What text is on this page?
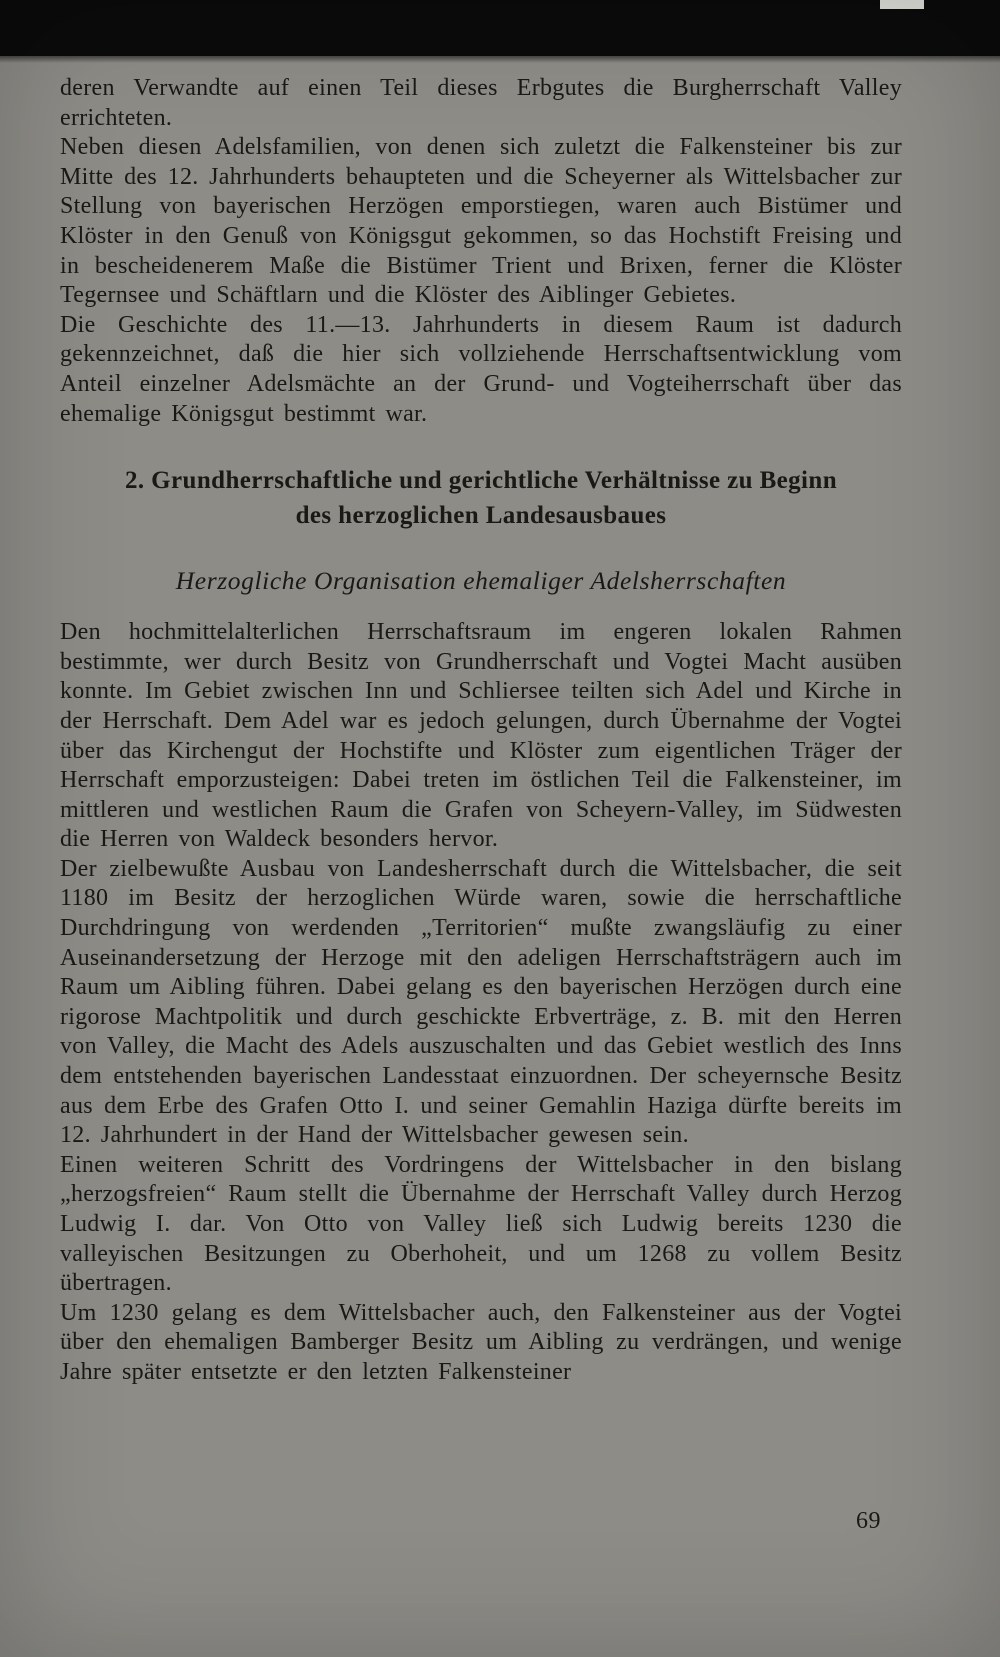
deren Verwandte auf einen Teil dieses Erbgutes die Burgherrschaft Valley errichteten.

Neben diesen Adelsfamilien, von denen sich zuletzt die Falkensteiner bis zur Mitte des 12. Jahrhunderts behaupteten und die Scheyerner als Wittelsbacher zur Stellung von bayerischen Herzögen emporstiegen, waren auch Bistümer und Klöster in den Genuß von Königsgut gekommen, so das Hochstift Freising und in bescheidenerem Maße die Bistümer Trient und Brixen, ferner die Klöster Tegernsee und Schäftlarn und die Klöster des Aiblinger Gebietes.

Die Geschichte des 11.—13. Jahrhunderts in diesem Raum ist dadurch gekennzeichnet, daß die hier sich vollziehende Herrschaftsentwicklung vom Anteil einzelner Adelsmächte an der Grund- und Vogteiherrschaft über das ehemalige Königsgut bestimmt war.

2. Grundherrschaftliche und gerichtliche Verhältnisse zu Beginn
des herzoglichen Landesausbaues
Herzogliche Organisation ehemaliger Adelsherrschaften

Den hochmittelalterlichen Herrschaftsraum im engeren lokalen Rahmen bestimmte, wer durch Besitz von Grundherrschaft und Vogtei Macht ausüben konnte. Im Gebiet zwischen Inn und Schliersee teilten sich Adel und Kirche in der Herrschaft. Dem Adel war es jedoch gelungen, durch Übernahme der Vogtei über das Kirchengut der Hochstifte und Klöster zum eigentlichen Träger der Herrschaft emporzusteigen: Dabei treten im östlichen Teil die Falkensteiner, im mittleren und westlichen Raum die Grafen von Scheyern-Valley, im Südwesten die Herren von Waldeck besonders hervor.

Der zielbewußte Ausbau von Landesherrschaft durch die Wittelsbacher, die seit 1180 im Besitz der herzoglichen Würde waren, sowie die herrschaftliche Durchdringung von werdenden „Territorien“ mußte zwangsläufig zu einer Auseinandersetzung der Herzoge mit den adeligen Herrschaftsträgern auch im Raum um Aibling führen. Dabei gelang es den bayerischen Herzögen durch eine rigorose Machtpolitik und durch geschickte Erbverträge, z. B. mit den Herren von Valley, die Macht des Adels auszuschalten und das Gebiet westlich des Inns dem entstehenden bayerischen Landesstaat einzuordnen. Der scheyernsche Besitz aus dem Erbe des Grafen Otto I. und seiner Gemahlin Haziga dürfte bereits im 12. Jahrhundert in der Hand der Wittelsbacher gewesen sein.

Einen weiteren Schritt des Vordringens der Wittelsbacher in den bislang „herzogsfreien“ Raum stellt die Übernahme der Herrschaft Valley durch Herzog Ludwig I. dar. Von Otto von Valley ließ sich Ludwig bereits 1230 die valleyischen Besitzungen zu Oberhoheit, und um 1268 zu vollem Besitz übertragen.

Um 1230 gelang es dem Wittelsbacher auch, den Falkensteiner aus der Vogtei über den ehemaligen Bamberger Besitz um Aibling zu verdrängen, und wenige Jahre später entsetzte er den letzten Falkensteiner

69
